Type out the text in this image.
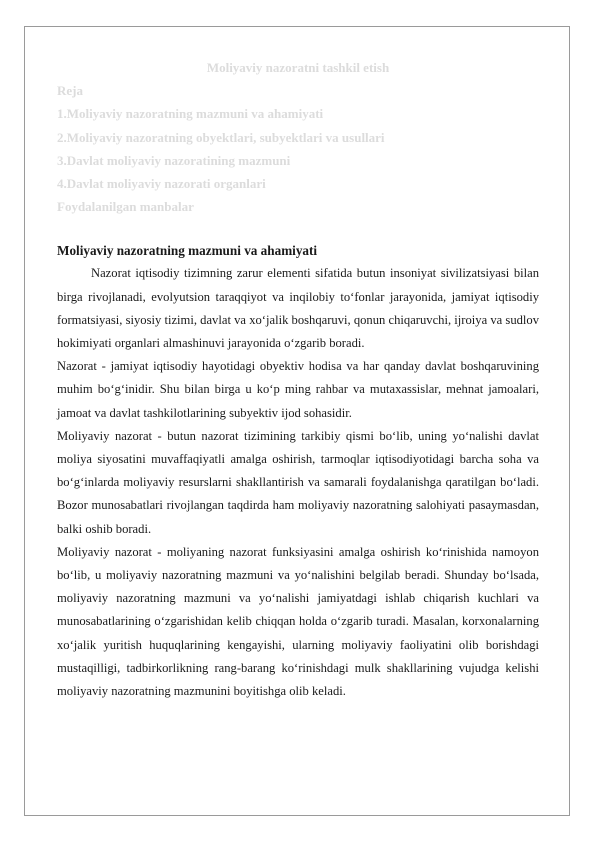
Moliyaviy nazoratni tashkil etish
Reja
1.Moliyaviy nazoratning mazmuni va ahamiyati
2.Moliyaviy nazoratning obyektlari, subyektlari va usullari
3.Davlat moliyaviy nazoratining mazmuni
4.Davlat moliyaviy nazorati organlari
Foydalanilgan manbalar
Moliyaviy nazoratning mazmuni va ahamiyati

Nazorat iqtisodiy tizimning zarur elementi sifatida butun insoniyat sivilizatsiyasi bilan birga rivojlanadi, evolyutsion taraqqiyot va inqilobiy to‘fonlar jarayonida, jamiyat iqtisodiy formatsiyasi, siyosiy tizimi, davlat va xo‘jalik boshqaruvi, qonun chiqaruvchi, ijroiya va sudlov hokimiyati organlari almashinuvi jarayonida o‘zgarib boradi.

Nazorat - jamiyat iqtisodiy hayotidagi obyektiv hodisa va har qanday davlat boshqaruvining muhim bo‘g‘inidir. Shu bilan birga u ko‘p ming rahbar va mutaxassislar, mehnat jamoalari, jamoat va davlat tashkilotlarining subyektiv ijod sohasidir.

Moliyaviy nazorat - butun nazorat tizimining tarkibiy qismi bo‘lib, uning yo‘nalishi davlat moliya siyosatini muvaffaqiyatli amalga oshirish, tarmoqlar iqtisodiyotidagi barcha soha va bo‘g‘inlarda moliyaviy resurslarni shakllantirish va samarali foydalanishga qaratilgan bo‘ladi. Bozor munosabatlari rivojlangan taqdirda ham moliyaviy nazoratning salohiyati pasaymasdan, balki oshib boradi.

Moliyaviy nazorat - moliyaning nazorat funksiyasini amalga oshirish ko‘rinishida namoyon bo‘lib, u moliyaviy nazoratning mazmuni va yo‘nalishini belgilab beradi. Shunday bo‘lsada, moliyaviy nazoratning mazmuni va yo‘nalishi jamiyatdagi ishlab chiqarish kuchlari va munosabatlarining o‘zgarishidan kelib chiqqan holda o‘zgarib turadi. Masalan, korxonalarning xo‘jalik yuritish huquqlarining kengayishi, ularning moliyaviy faoliyatini olib borishdagi mustaqilligi, tadbirkorlikning rang-barang ko‘rinishdagi mulk shakllarining vujudga kelishi moliyaviy nazoratning mazmunini boyitishga olib keladi.
